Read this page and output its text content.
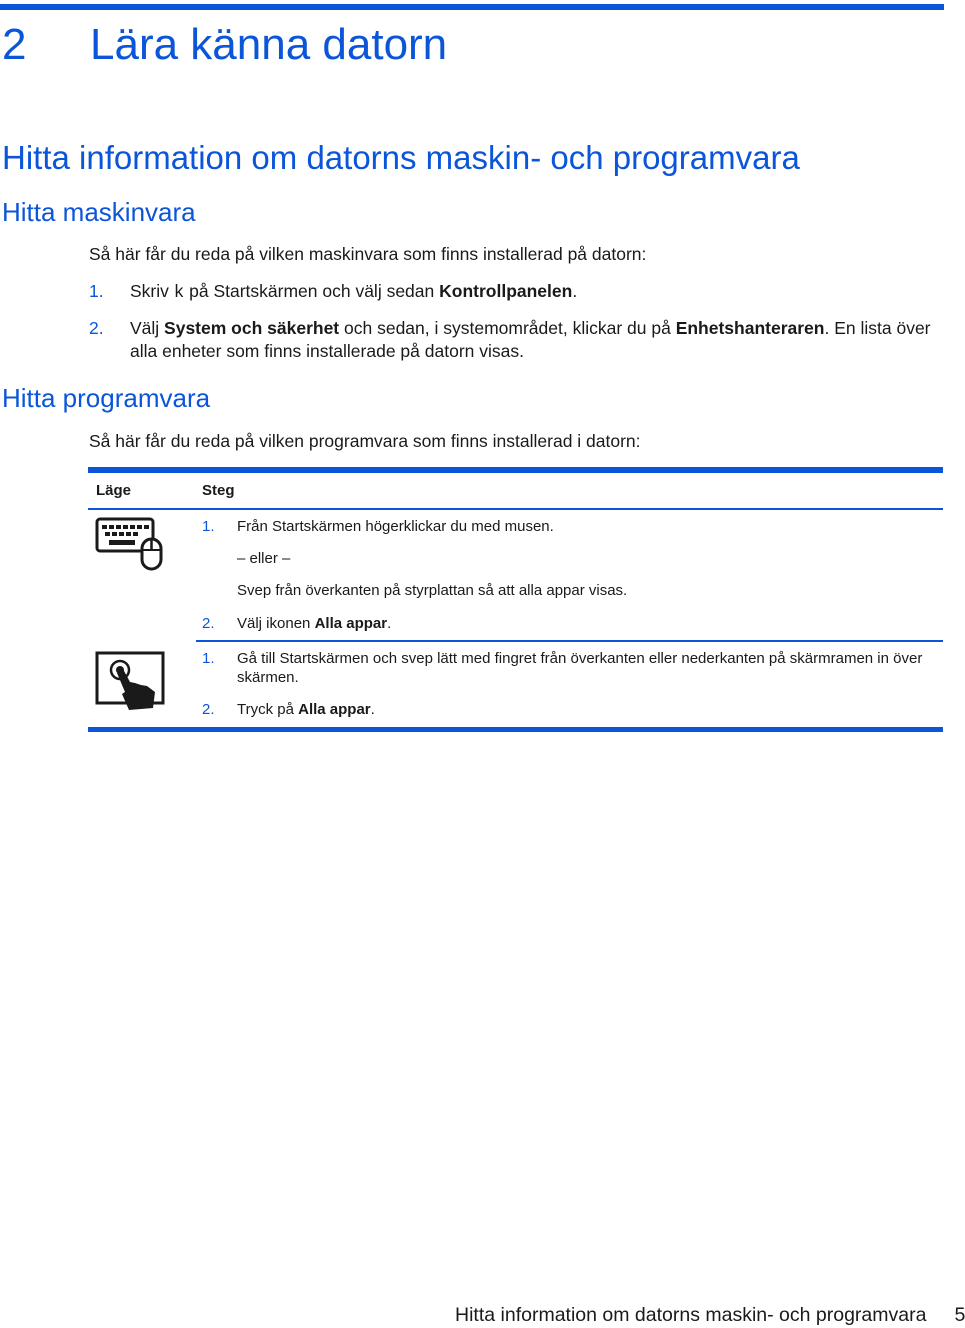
2 Lära känna datorn
Hitta information om datorns maskin- och programvara
Hitta maskinvara

Så här får du reda på vilken maskinvara som finns installerad på datorn:

1. Skriv k på Startskärmen och välj sedan Kontrollpanelen.
2. Välj System och säkerhet och sedan, i systemområdet, klickar du på Enhetshanteraren. En lista över alla enheter som finns installerade på datorn visas.
Hitta programvara

Så här får du reda på vilken programvara som finns installerad i datorn:

Läge	Steg
1. Från Startskärmen högerklickar du med musen.
– eller –
Svep från överkanten på styrplattan så att alla appar visas.
2. Välj ikonen Alla appar.
1. Gå till Startskärmen och svep lätt med fingret från överkanten eller nederkanten på skärmramen in över skärmen.
2. Tryck på Alla appar.
Hitta information om datorns maskin- och programvara 5
